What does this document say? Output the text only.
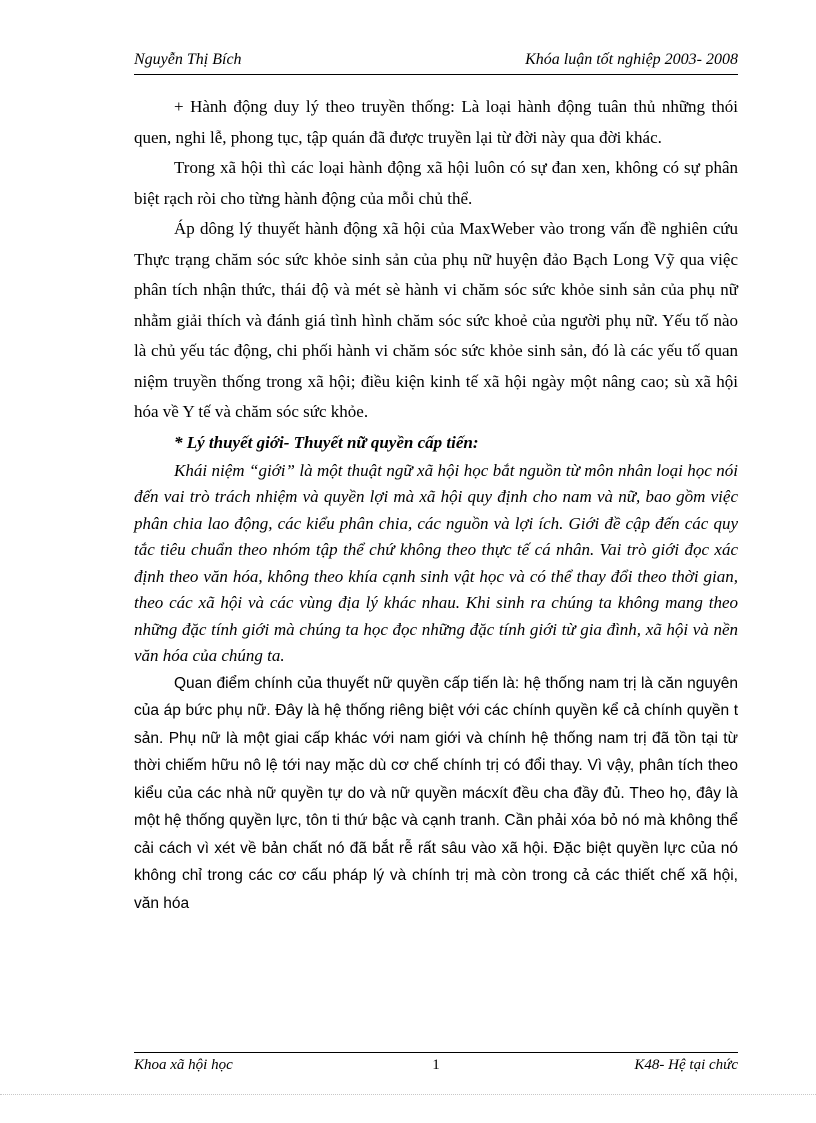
Nguyễn Thị Bích	Khóa luận tốt nghiệp 2003- 2008

+ Hành động duy lý theo truyền thống: Là loại hành động tuân thủ những thói quen, nghi lễ, phong tục, tập quán đã được truyền lại từ đời này qua đời khác.

Trong xã hội thì các loại hành động xã hội luôn có sự đan xen, không có sự phân biệt rạch ròi cho từng hành động của mỗi chủ thể.

Áp dông lý thuyết hành động xã hội của MaxWeber vào trong vấn đề nghiên cứu Thực trạng chăm sóc sức khỏe sinh sản của phụ nữ huyện đảo Bạch Long Vỹ qua việc phân tích nhận thức, thái độ và mét sè hành vi chăm sóc sức khỏe sinh sản của phụ nữ nhằm giải thích và đánh giá tình hình chăm sóc sức khoẻ của người phụ nữ. Yếu tố nào là chủ yếu tác động, chi phối hành vi chăm sóc sức khỏe sinh sản, đó là các yếu tố quan niệm truyền thống trong xã hội; điều kiện kinh tế xã hội ngày một nâng cao; sù xã hội hóa về Y tế và chăm sóc sức khỏe.

* Lý thuyết giới- Thuyết nữ quyền cấp tiến:

Khái niệm “giới” là một thuật ngữ xã hội học bắt nguồn từ môn nhân loại học nói đến vai trò trách nhiệm và quyền lợi mà xã hội quy định cho nam và nữ, bao gồm việc phân chia lao động, các kiểu phân chia, các nguồn và lợi ích. Giới đề cập đến các quy tắc tiêu chuẩn theo nhóm tập thể chứ không theo thực tế cá nhân. Vai trò giới đọc xác định theo văn hóa, không theo khía cạnh sinh vật học và có thể thay đổi theo thời gian, theo các xã hội và các vùng địa lý khác nhau. Khi sinh ra chúng ta không mang theo những đặc tính giới mà chúng ta học đọc những đặc tính giới từ gia đình, xã hội và nền văn hóa của chúng ta.

Quan điểm chính của thuyết nữ quyền cấp tiến là: hệ thống nam trị là căn nguyên của áp bức phụ nữ. Đây là hệ thống riêng biệt với các chính quyền kể cả chính quyền t sản. Phụ nữ là một giai cấp khác với nam giới và chính hệ thống nam trị đã tồn tại từ thời chiếm hữu nô lệ tới nay mặc dù cơ chế chính trị có đổi thay. Vì vậy, phân tích theo kiểu của các nhà nữ quyền tự do và nữ quyền mácxít đều cha đầy đủ. Theo họ, đây là một hệ thống quyền lực, tôn ti thứ bậc và cạnh tranh. Cần phải xóa bỏ nó mà không thể cải cách vì xét về bản chất nó đã bắt rễ rất sâu vào xã hội. Đặc biệt quyền lực của nó không chỉ trong các cơ cấu pháp lý và chính trị mà còn trong cả các thiết chế xã hội, văn hóa

Khoa xã hội học	1	K48- Hệ tại chức
